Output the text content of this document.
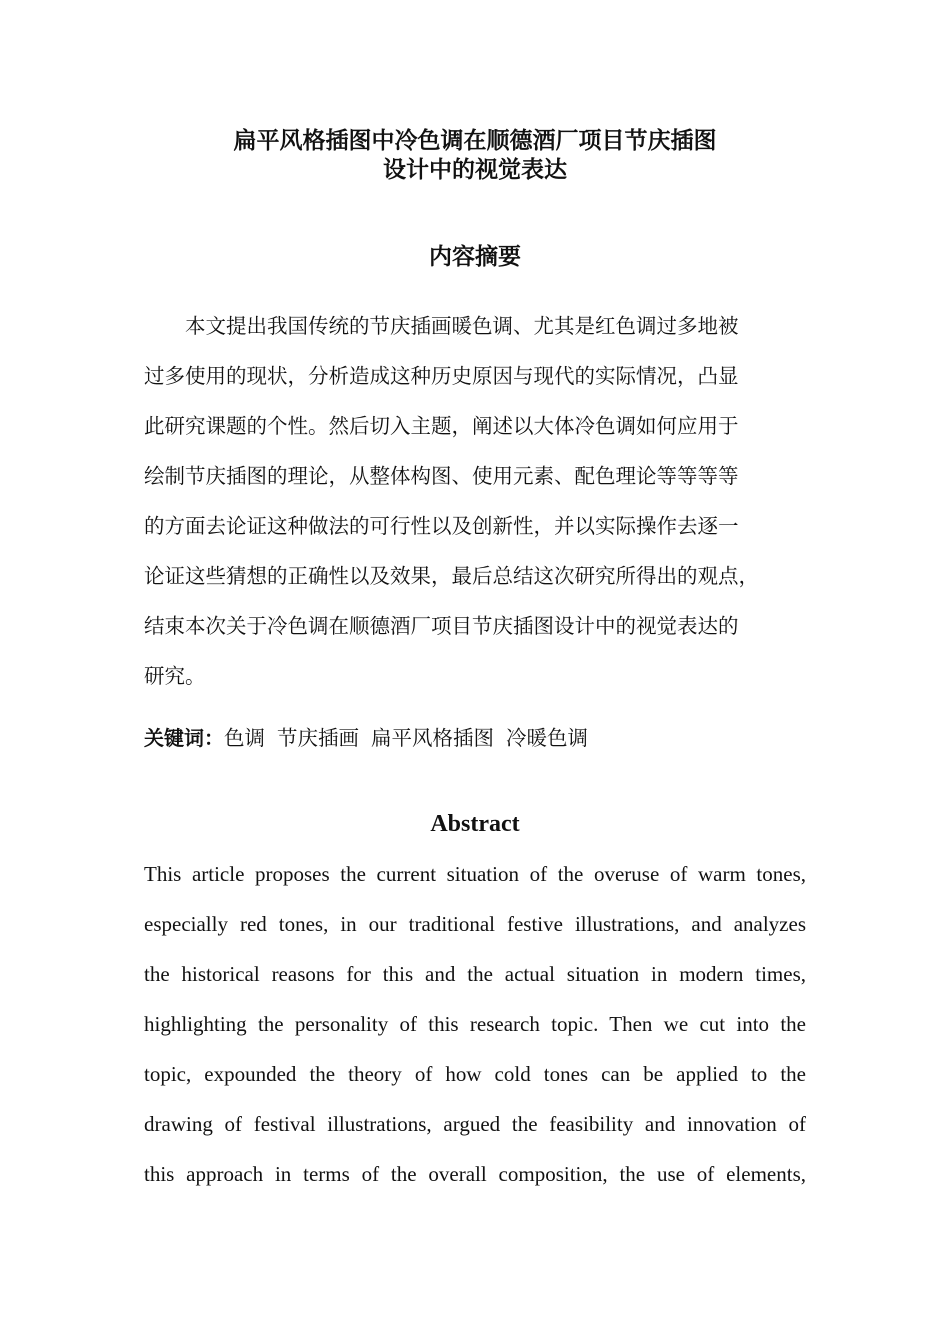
扁平风格插图中冷色调在顺德酒厂项目节庆插图
设计中的视觉表达
内容摘要
　　本文提出我国传统的节庆插画暖色调、尤其是红色调过多地被
过多使用的现状，分析造成这种历史原因与现代的实际情况，凸显
此研究课题的个性。然后切入主题，阐述以大体冷色调如何应用于
绘制节庆插图的理论，从整体构图、使用元素、配色理论等等等等
的方面去论证这种做法的可行性以及创新性，并以实际操作去逐一
论证这些猜想的正确性以及效果，最后总结这次研究所得出的观点，
结束本次关于冷色调在顺德酒厂项目节庆插图设计中的视觉表达的
研究。
关键词：色调 节庆插画 扁平风格插图 冷暖色调
Abstract
This article proposes the current situation of the overuse of warm tones,
especially red tones, in our traditional festive illustrations, and analyzes
the historical reasons for this and the actual situation in modern times,
highlighting the personality of this research topic. Then we cut into the
topic, expounded the theory of how cold tones can be applied to the
drawing of festival illustrations, argued the feasibility and innovation of
this approach in terms of the overall composition, the use of elements,
